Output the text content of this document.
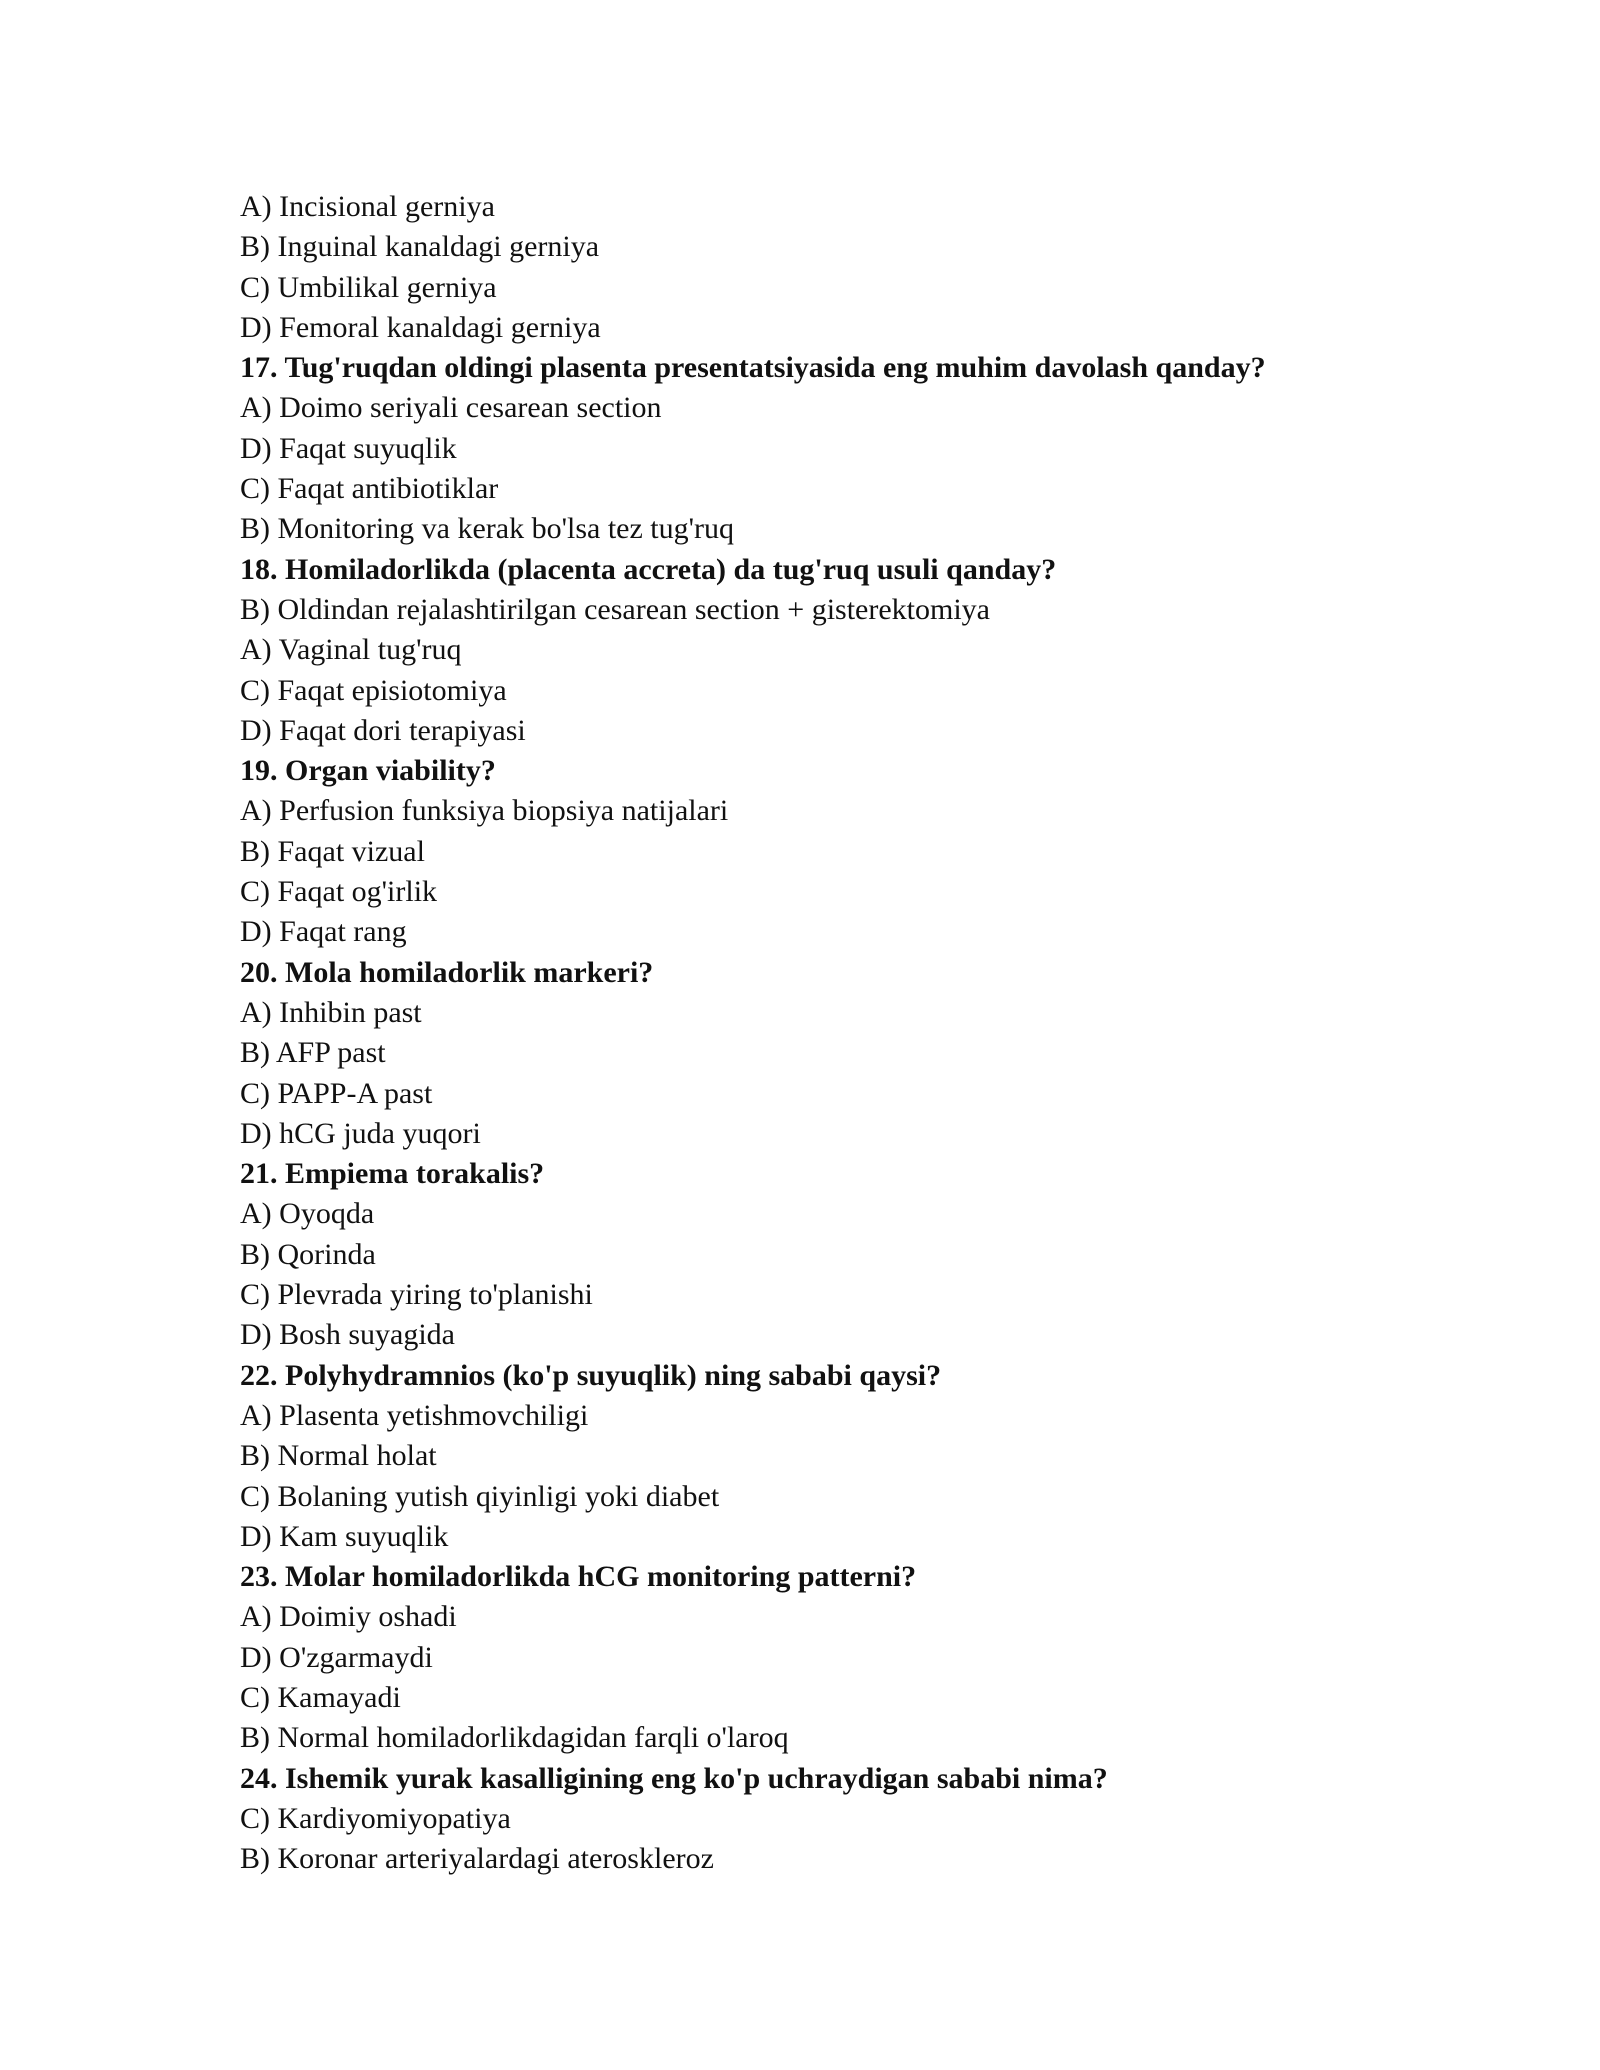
A) Incisional gerniya
B) Inguinal kanaldagi gerniya
C) Umbilikal gerniya
D) Femoral kanaldagi gerniya
17. Tug'ruqdan oldingi plasenta presentatsiyasida eng muhim davolash qanday?
A) Doimo seriyali cesarean section
D) Faqat suyuqlik
C) Faqat antibiotiklar
B) Monitoring va kerak bo'lsa tez tug'ruq
18. Homiladorlikda (placenta accreta) da tug'ruq usuli qanday?
B) Oldindan rejalashtirilgan cesarean section + gisterektomiya
A) Vaginal tug'ruq
C) Faqat episiotomiya
D) Faqat dori terapiyasi
19. Organ viability?
A) Perfusion funksiya biopsiya natijalari
B) Faqat vizual
C) Faqat og'irlik
D) Faqat rang
20. Mola homiladorlik markeri?
A) Inhibin past
B) AFP past
C) PAPP-A past
D) hCG juda yuqori
21. Empiema torakalis?
A) Oyoqda
B) Qorinda
C) Plevrada yiring to'planishi
D) Bosh suyagida
22. Polyhydramnios (ko'p suyuqlik) ning sababi qaysi?
A) Plasenta yetishmovchiligi
B) Normal holat
C) Bolaning yutish qiyinligi yoki diabet
D) Kam suyuqlik
23. Molar homiladorlikda hCG monitoring patterni?
A) Doimiy oshadi
D) O'zgarmaydi
C) Kamayadi
B) Normal homiladorlikdagidan farqli o'laroq
24. Ishemik yurak kasalligining eng ko'p uchraydigan sababi nima?
C) Kardiyomiyopatiya
B) Koronar arteriyalardagi ateroskleroz
